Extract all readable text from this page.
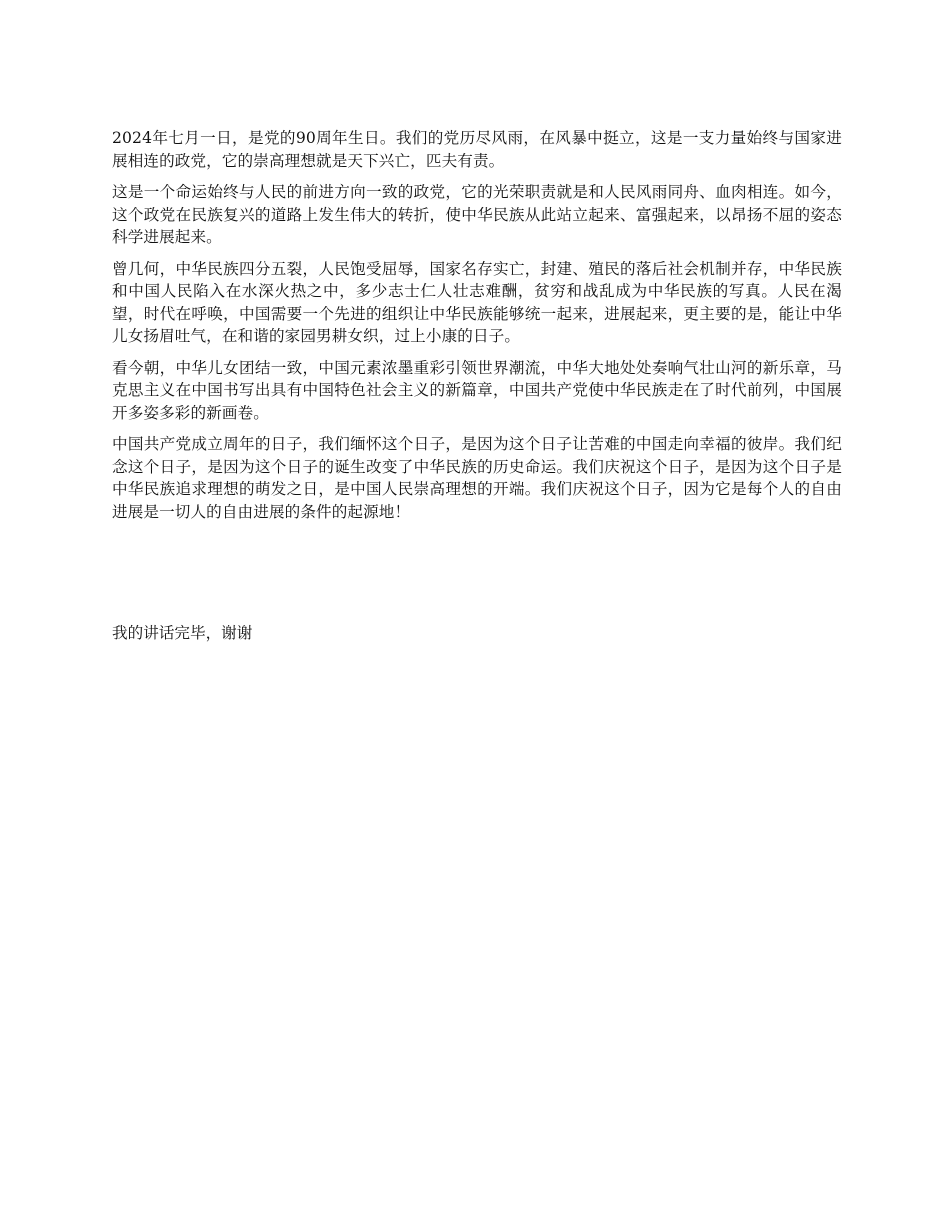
2024年七月一日，是党的90周年生日。我们的党历尽风雨，在风暴中挺立，这是一支力量始终与国家进展相连的政党，它的崇高理想就是天下兴亡，匹夫有责。

这是一个命运始终与人民的前进方向一致的政党，它的光荣职责就是和人民风雨同舟、血肉相连。如今，这个政党在民族复兴的道路上发生伟大的转折，使中华民族从此站立起来、富强起来，以昂扬不屈的姿态科学进展起来。

曾几何，中华民族四分五裂，人民饱受屈辱，国家名存实亡，封建、殖民的落后社会机制并存，中华民族和中国人民陷入在水深火热之中，多少志士仁人壮志难酬，贫穷和战乱成为中华民族的写真。人民在渴望，时代在呼唤，中国需要一个先进的组织让中华民族能够统一起来，进展起来，更主要的是，能让中华儿女扬眉吐气，在和谐的家园男耕女织，过上小康的日子。

看今朝，中华儿女团结一致，中国元素浓墨重彩引领世界潮流，中华大地处处奏响气壮山河的新乐章，马克思主义在中国书写出具有中国特色社会主义的新篇章，中国共产党使中华民族走在了时代前列，中国展开多姿多彩的新画卷。

中国共产党成立周年的日子，我们缅怀这个日子，是因为这个日子让苦难的中国走向幸福的彼岸。我们纪念这个日子，是因为这个日子的诞生改变了中华民族的历史命运。我们庆祝这个日子，是因为这个日子是中华民族追求理想的萌发之日，是中国人民崇高理想的开端。我们庆祝这个日子，因为它是每个人的自由进展是一切人的自由进展的条件的起源地！

我的讲话完毕，谢谢
